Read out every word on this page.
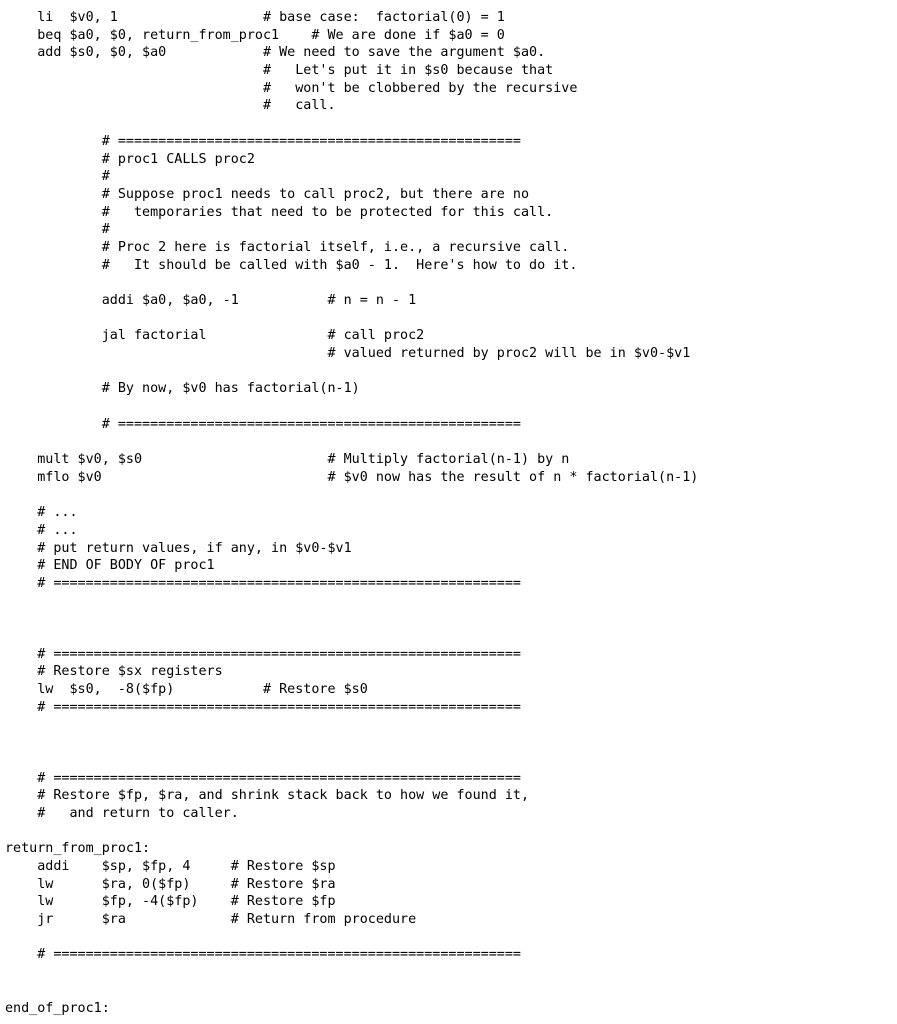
li  $v0, 1                  # base case:  factorial(0) = 1
beq $a0, $0, return_from_proc1    # We are done if $a0 = 0
add $s0, $0, $a0            # We need to save the argument $a0.
#   Let's put it in $s0 because that
#   won't be clobbered by the recursive
#   call.
# ==================================================
# proc1 CALLS proc2
#
# Suppose proc1 needs to call proc2, but there are no
#   temporaries that need to be protected for this call.
#
# Proc 2 here is factorial itself, i.e., a recursive call.
#   It should be called with $a0 - 1.  Here's how to do it.
addi $a0, $a0, -1           # n = n - 1
jal factorial               # call proc2
# valued returned by proc2 will be in $v0-$v1
# By now, $v0 has factorial(n-1)
# ==================================================
mult $v0, $s0                       # Multiply factorial(n-1) by n
mflo $v0                            # $v0 now has the result of n * factorial(n-1)
# ...
# ...
# put return values, if any, in $v0-$v1
# END OF BODY OF proc1
# ==========================================================
# ==========================================================
# Restore $sx registers
lw  $s0,  -8($fp)           # Restore $s0
# ==========================================================
# ==========================================================
# Restore $fp, $ra, and shrink stack back to how we found it,
#   and return to caller.
return_from_proc1:
addi    $sp, $fp, 4     # Restore $sp
lw      $ra, 0($fp)     # Restore $ra
lw      $fp, -4($fp)    # Restore $fp
jr      $ra             # Return from procedure
# ==========================================================
end_of_proc1:
